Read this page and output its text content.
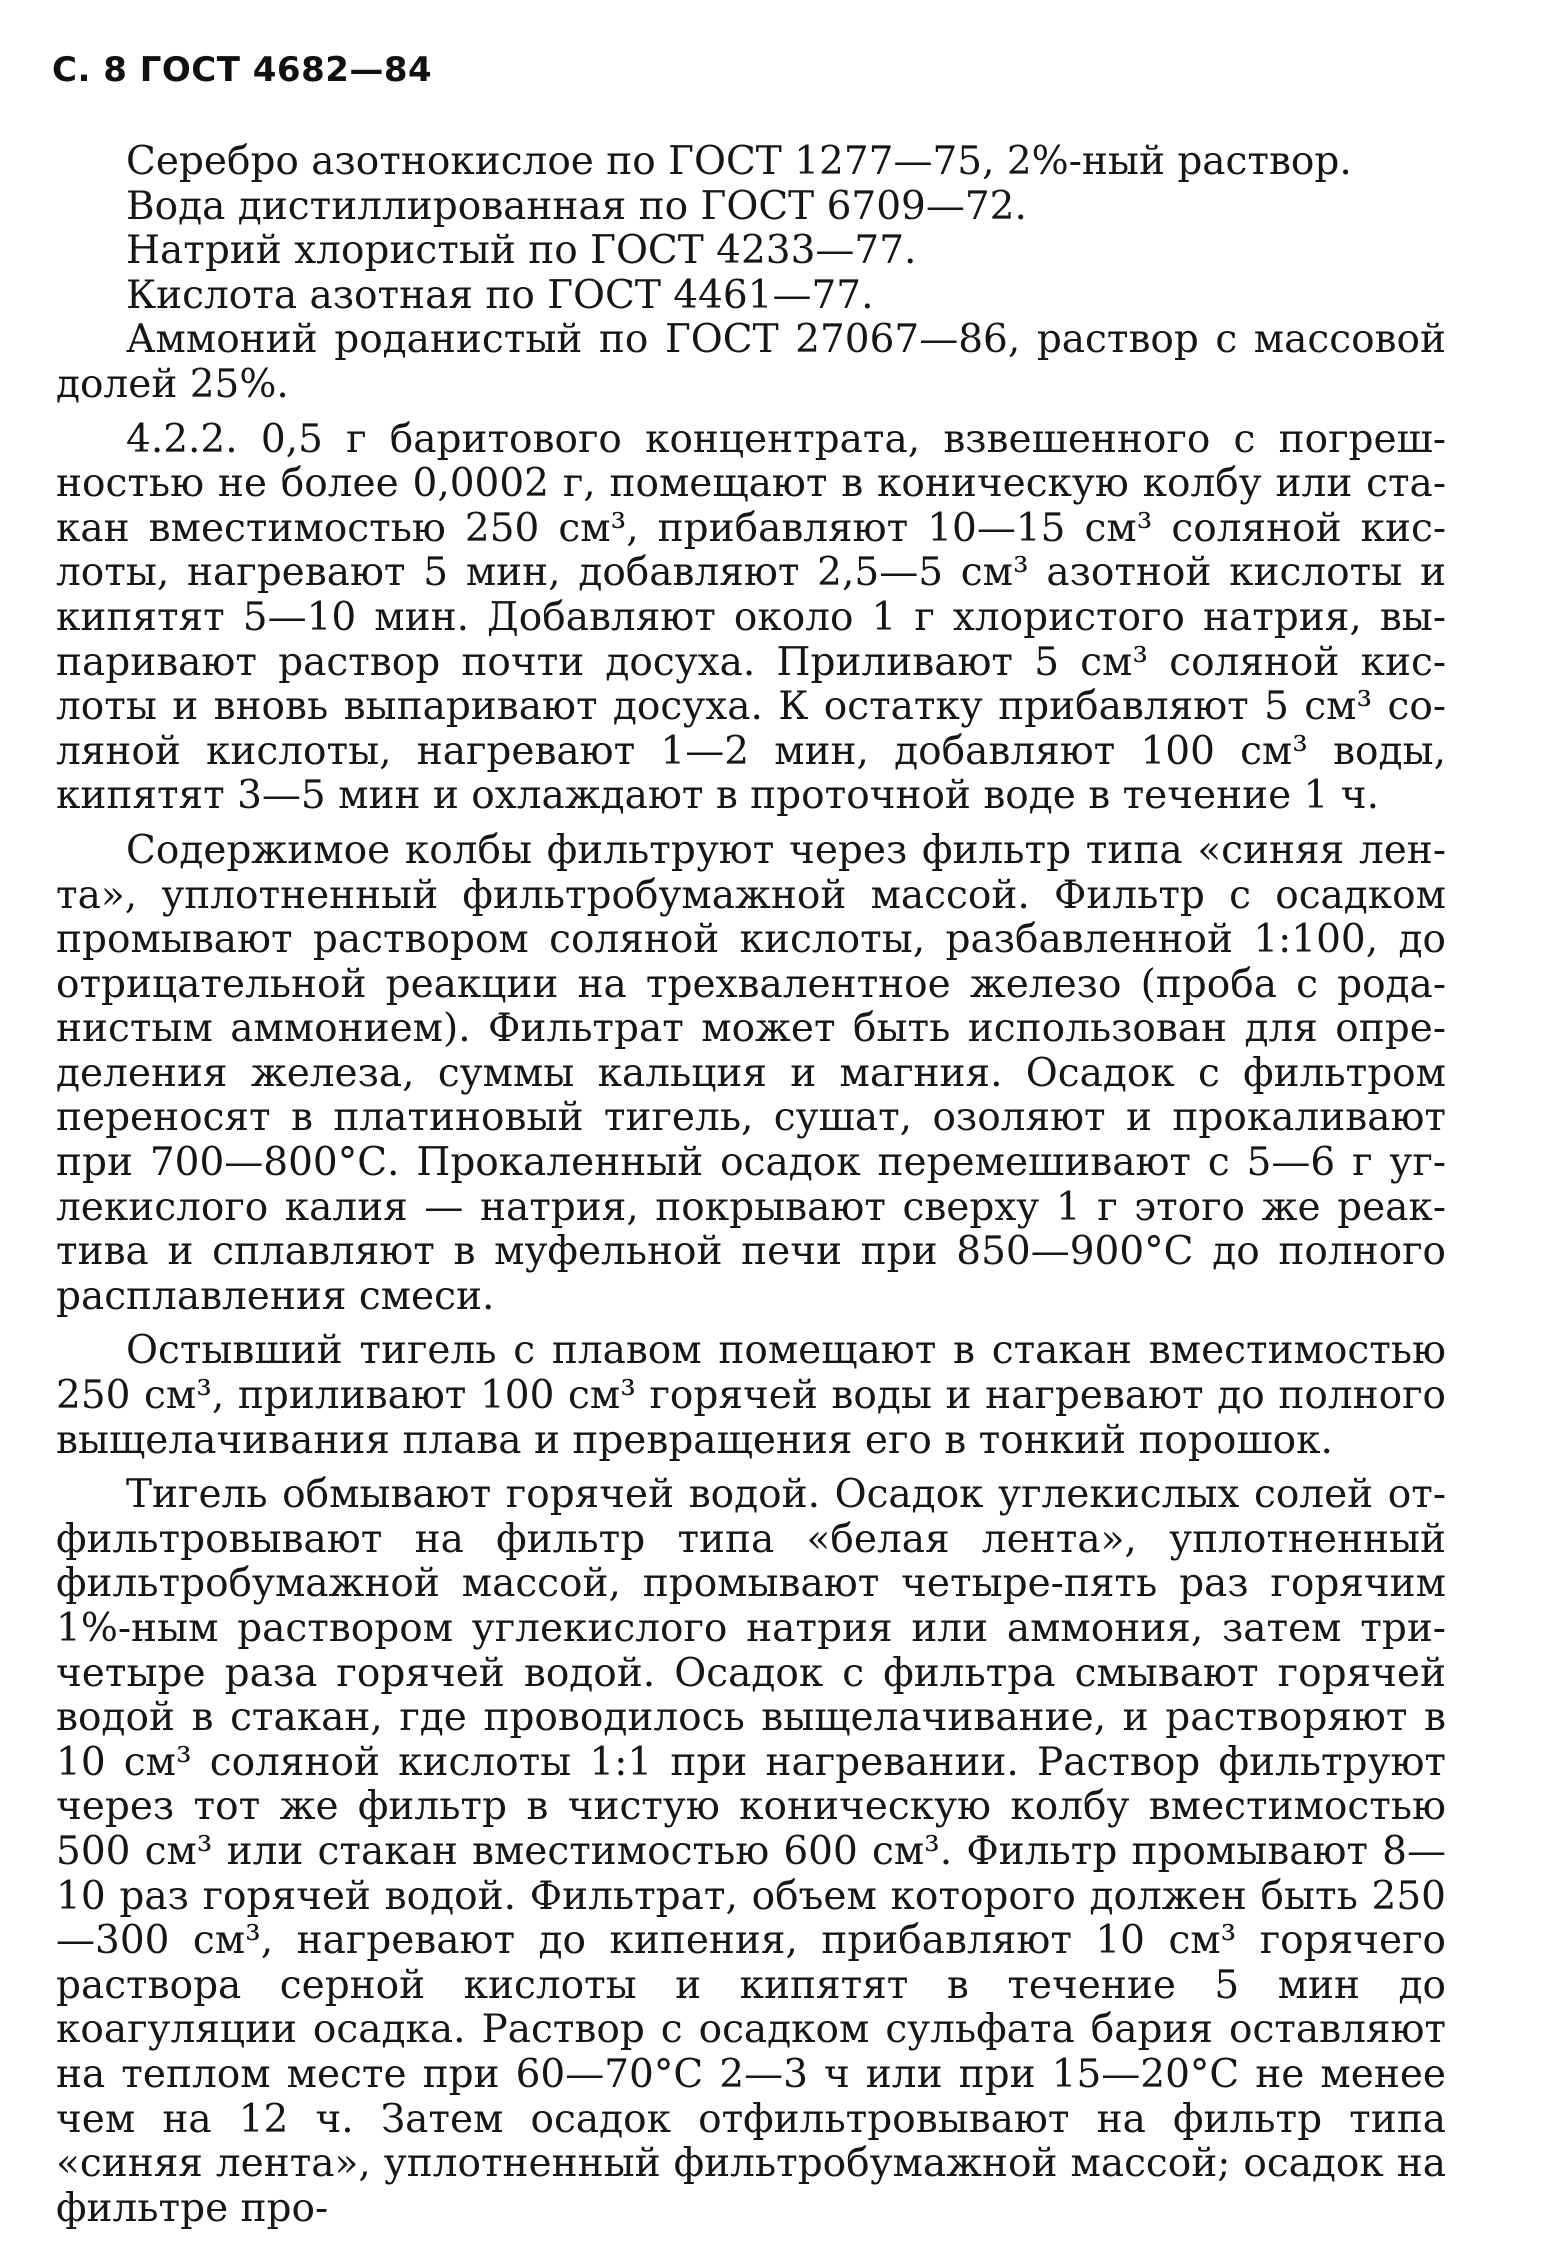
С. 8 ГОСТ 4682—84

Серебро азотнокислое по ГОСТ 1277—75, 2%-ный раствор.

Вода дистиллированная по ГОСТ 6709—72.

Натрий хлористый по ГОСТ 4233—77.

Кислота азотная по ГОСТ 4461—77.

Аммоний роданистый по ГОСТ 27067—86, раствор с массовой долей 25%.

4.2.2. 0,5 г баритового концентрата, взвешенного с погрешностью не более 0,0002 г, помещают в коническую колбу или стакан вместимостью 250 см³, прибавляют 10—15 см³ соляной кислоты, нагревают 5 мин, добавляют 2,5—5 см³ азотной кислоты и кипятят 5—10 мин. Добавляют около 1 г хлористого натрия, выпаривают раствор почти досуха. Приливают 5 см³ соляной кислоты и вновь выпаривают досуха. К остатку прибавляют 5 см³ соляной кислоты, нагревают 1—2 мин, добавляют 100 см³ воды, кипятят 3—5 мин и охлаждают в проточной воде в течение 1 ч.

Содержимое колбы фильтруют через фильтр типа «синяя лента», уплотненный фильтробумажной массой. Фильтр с осадком промывают раствором соляной кислоты, разбавленной 1:100, до отрицательной реакции на трехвалентное железо (проба с роданистым аммонием). Фильтрат может быть использован для определения железа, суммы кальция и магния. Осадок с фильтром переносят в платиновый тигель, сушат, озоляют и прокаливают при 700—800°С. Прокаленный осадок перемешивают с 5—6 г углекислого калия — натрия, покрывают сверху 1 г этого же реактива и сплавляют в муфельной печи при 850—900°С до полного расплавления смеси.

Остывший тигель с плавом помещают в стакан вместимостью 250 см³, приливают 100 см³ горячей воды и нагревают до полного выщелачивания плава и превращения его в тонкий порошок.

Тигель обмывают горячей водой. Осадок углекислых солей отфильтровывают на фильтр типа «белая лента», уплотненный фильтробумажной массой, промывают четыре-пять раз горячим 1%-ным раствором углекислого натрия или аммония, затем три-четыре раза горячей водой. Осадок с фильтра смывают горячей водой в стакан, где проводилось выщелачивание, и растворяют в 10 см³ соляной кислоты 1:1 при нагревании. Раствор фильтруют через тот же фильтр в чистую коническую колбу вместимостью 500 см³ или стакан вместимостью 600 см³. Фильтр промывают 8—10 раз горячей водой. Фильтрат, объем которого должен быть 250—300 см³, нагревают до кипения, прибавляют 10 см³ горячего раствора серной кислоты и кипятят в течение 5 мин до коагуляции осадка. Раствор с осадком сульфата бария оставляют на теплом месте при 60—70°С 2—3 ч или при 15—20°С не менее чем на 12 ч. Затем осадок отфильтровывают на фильтр типа «синяя лента», уплотненный фильтробумажной массой; осадок на фильтре про-
